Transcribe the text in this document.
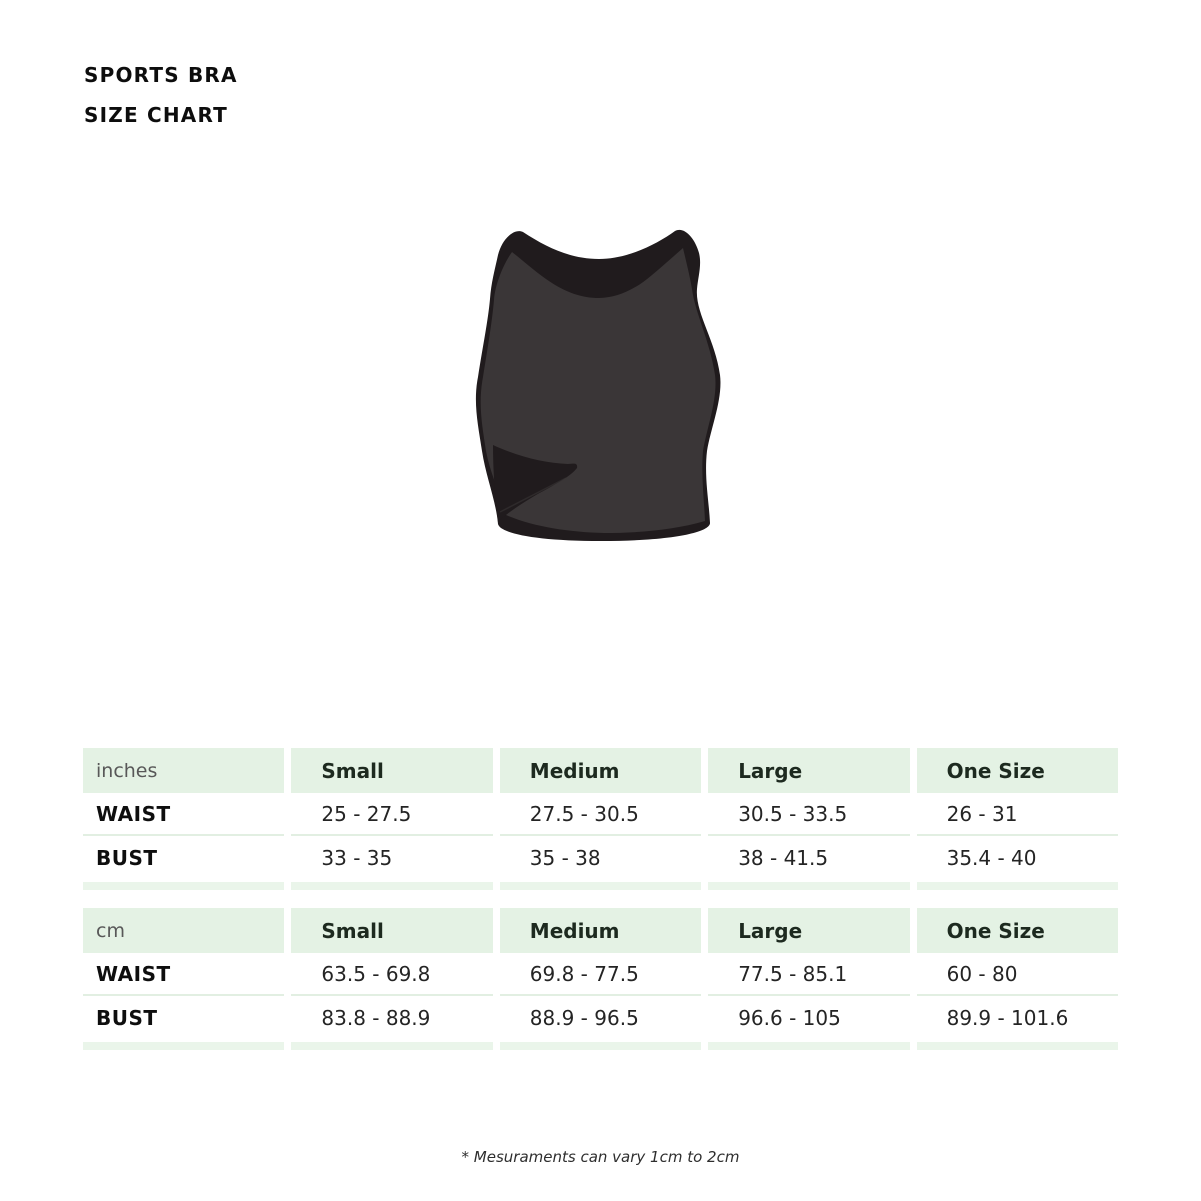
SPORTS BRA
SIZE CHART
inches	Small	Medium	Large	One Size
WAIST	25 - 27.5	27.5 - 30.5	30.5 - 33.5	26 - 31
BUST	33 - 35	35 - 38	38 - 41.5	35.4 - 40
cm	Small	Medium	Large	One Size
WAIST	63.5 - 69.8	69.8 - 77.5	77.5 - 85.1	60 - 80
BUST	83.8 - 88.9	88.9 - 96.5	96.6 - 105	89.9 - 101.6
* Mesuraments can vary 1cm to 2cm
